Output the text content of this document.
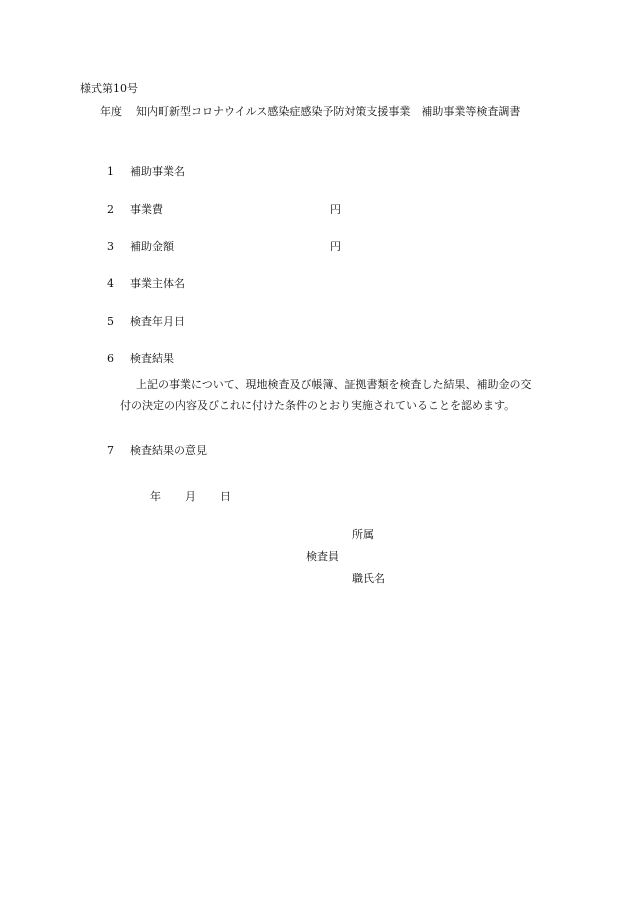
様式第10号
年度 知内町新型コロナウイルス感染症感染予防対策支援事業　補助事業等検査調書
1 補助事業名
2 事業費	円
3 補助金額	円
4 事業主体名
5 検査年月日
6 検査結果
上記の事業について、現地検査及び帳簿、証拠書類を検査した結果、補助金の交
付の決定の内容及びこれに付けた条件のとおり実施されていることを認めます。
7 検査結果の意見
年 月 日
所属
検査員
職氏名
